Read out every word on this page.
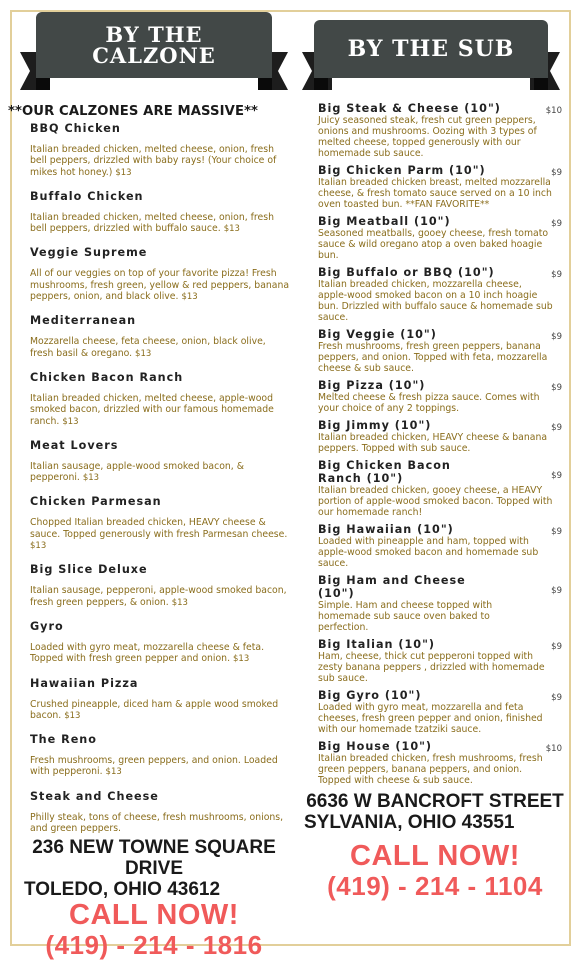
BY THE
CALZONE
**OUR CALZONES ARE MASSIVE**
BBQ Chicken
Italian breaded chicken, melted cheese, onion, fresh bell peppers, drizzled with baby rays! (Your choice of mikes hot honey.) $13
Buffalo Chicken
Italian breaded chicken, melted cheese, onion, fresh bell peppers, drizzled with buffalo sauce. $13
Veggie Supreme
All of our veggies on top of your favorite pizza! Fresh mushrooms, fresh green, yellow & red peppers, banana peppers, onion, and black olive. $13
Mediterranean
Mozzarella cheese, feta cheese, onion, black olive, fresh basil & oregano. $13
Chicken Bacon Ranch
Italian breaded chicken, melted cheese, apple-wood smoked bacon, drizzled with our famous homemade ranch. $13
Meat Lovers
Italian sausage, apple-wood smoked bacon, & pepperoni. $13
Chicken Parmesan
Chopped Italian breaded chicken, HEAVY cheese & sauce. Topped generously with fresh Parmesan cheese. $13
Big Slice Deluxe
Italian sausage, pepperoni, apple-wood smoked bacon, fresh green peppers, & onion. $13
Gyro
Loaded with gyro meat, mozzarella cheese & feta. Topped with fresh green pepper and onion. $13
Hawaiian Pizza
Crushed pineapple, diced ham & apple wood smoked bacon. $13
The Reno
Fresh mushrooms, green peppers, and onion. Loaded with pepperoni. $13
Steak and Cheese
Philly steak, tons of cheese, fresh mushrooms, onions, and green peppers.
236 NEW TOWNE SQUARE
DRIVE
TOLEDO, OHIO 43612
CALL NOW!
(419) - 214 - 1816
BY THE SUB
Big Steak & Cheese (10")	$10
Juicy seasoned steak, fresh cut green peppers, onions and mushrooms. Oozing with 3 types of melted cheese, topped generously with our homemade sub sauce.
Big Chicken Parm (10")	$9
Italian breaded chicken breast, melted mozzarella cheese, & fresh tomato sauce served on a 10 inch oven toasted bun. **FAN FAVORITE**
Big Meatball (10")	$9
Seasoned meatballs, gooey cheese, fresh tomato sauce & wild oregano atop a oven baked hoagie bun.
Big Buffalo or BBQ (10")	$9
Italian breaded chicken, mozzarella cheese, apple-wood smoked bacon on a 10 inch hoagie bun. Drizzled with buffalo sauce & homemade sub sauce.
Big Veggie (10")	$9
Fresh mushrooms, fresh green peppers, banana peppers, and onion. Topped with feta, mozzarella cheese & sub sauce.
Big Pizza (10")	$9
Melted cheese & fresh pizza sauce. Comes with your choice of any 2 toppings.
Big Jimmy (10")	$9
Italian breaded chicken, HEAVY cheese & banana peppers. Topped with sub sauce.
Big Chicken Bacon Ranch (10")	$9
Italian breaded chicken, gooey cheese, a HEAVY portion of apple-wood smoked bacon. Topped with our homemade ranch!
Big Hawaiian (10")	$9
Loaded with pineapple and ham, topped with apple-wood smoked bacon and homemade sub sauce.
Big Ham and Cheese (10")	$9
Simple. Ham and cheese topped with homemade sub sauce oven baked to perfection.
Big Italian (10")	$9
Ham, cheese, thick cut pepperoni topped with zesty banana peppers , drizzled with homemade sub sauce.
Big Gyro (10")	$9
Loaded with gyro meat, mozzarella and feta cheeses, fresh green pepper and onion, finished with our homemade tzatziki sauce.
Big House (10")	$10
Italian breaded chicken, fresh mushrooms, fresh green peppers, banana peppers, and onion. Topped with cheese & sub sauce.
6636 W BANCROFT STREET
SYLVANIA, OHIO 43551
CALL NOW!
(419) - 214 - 1104
